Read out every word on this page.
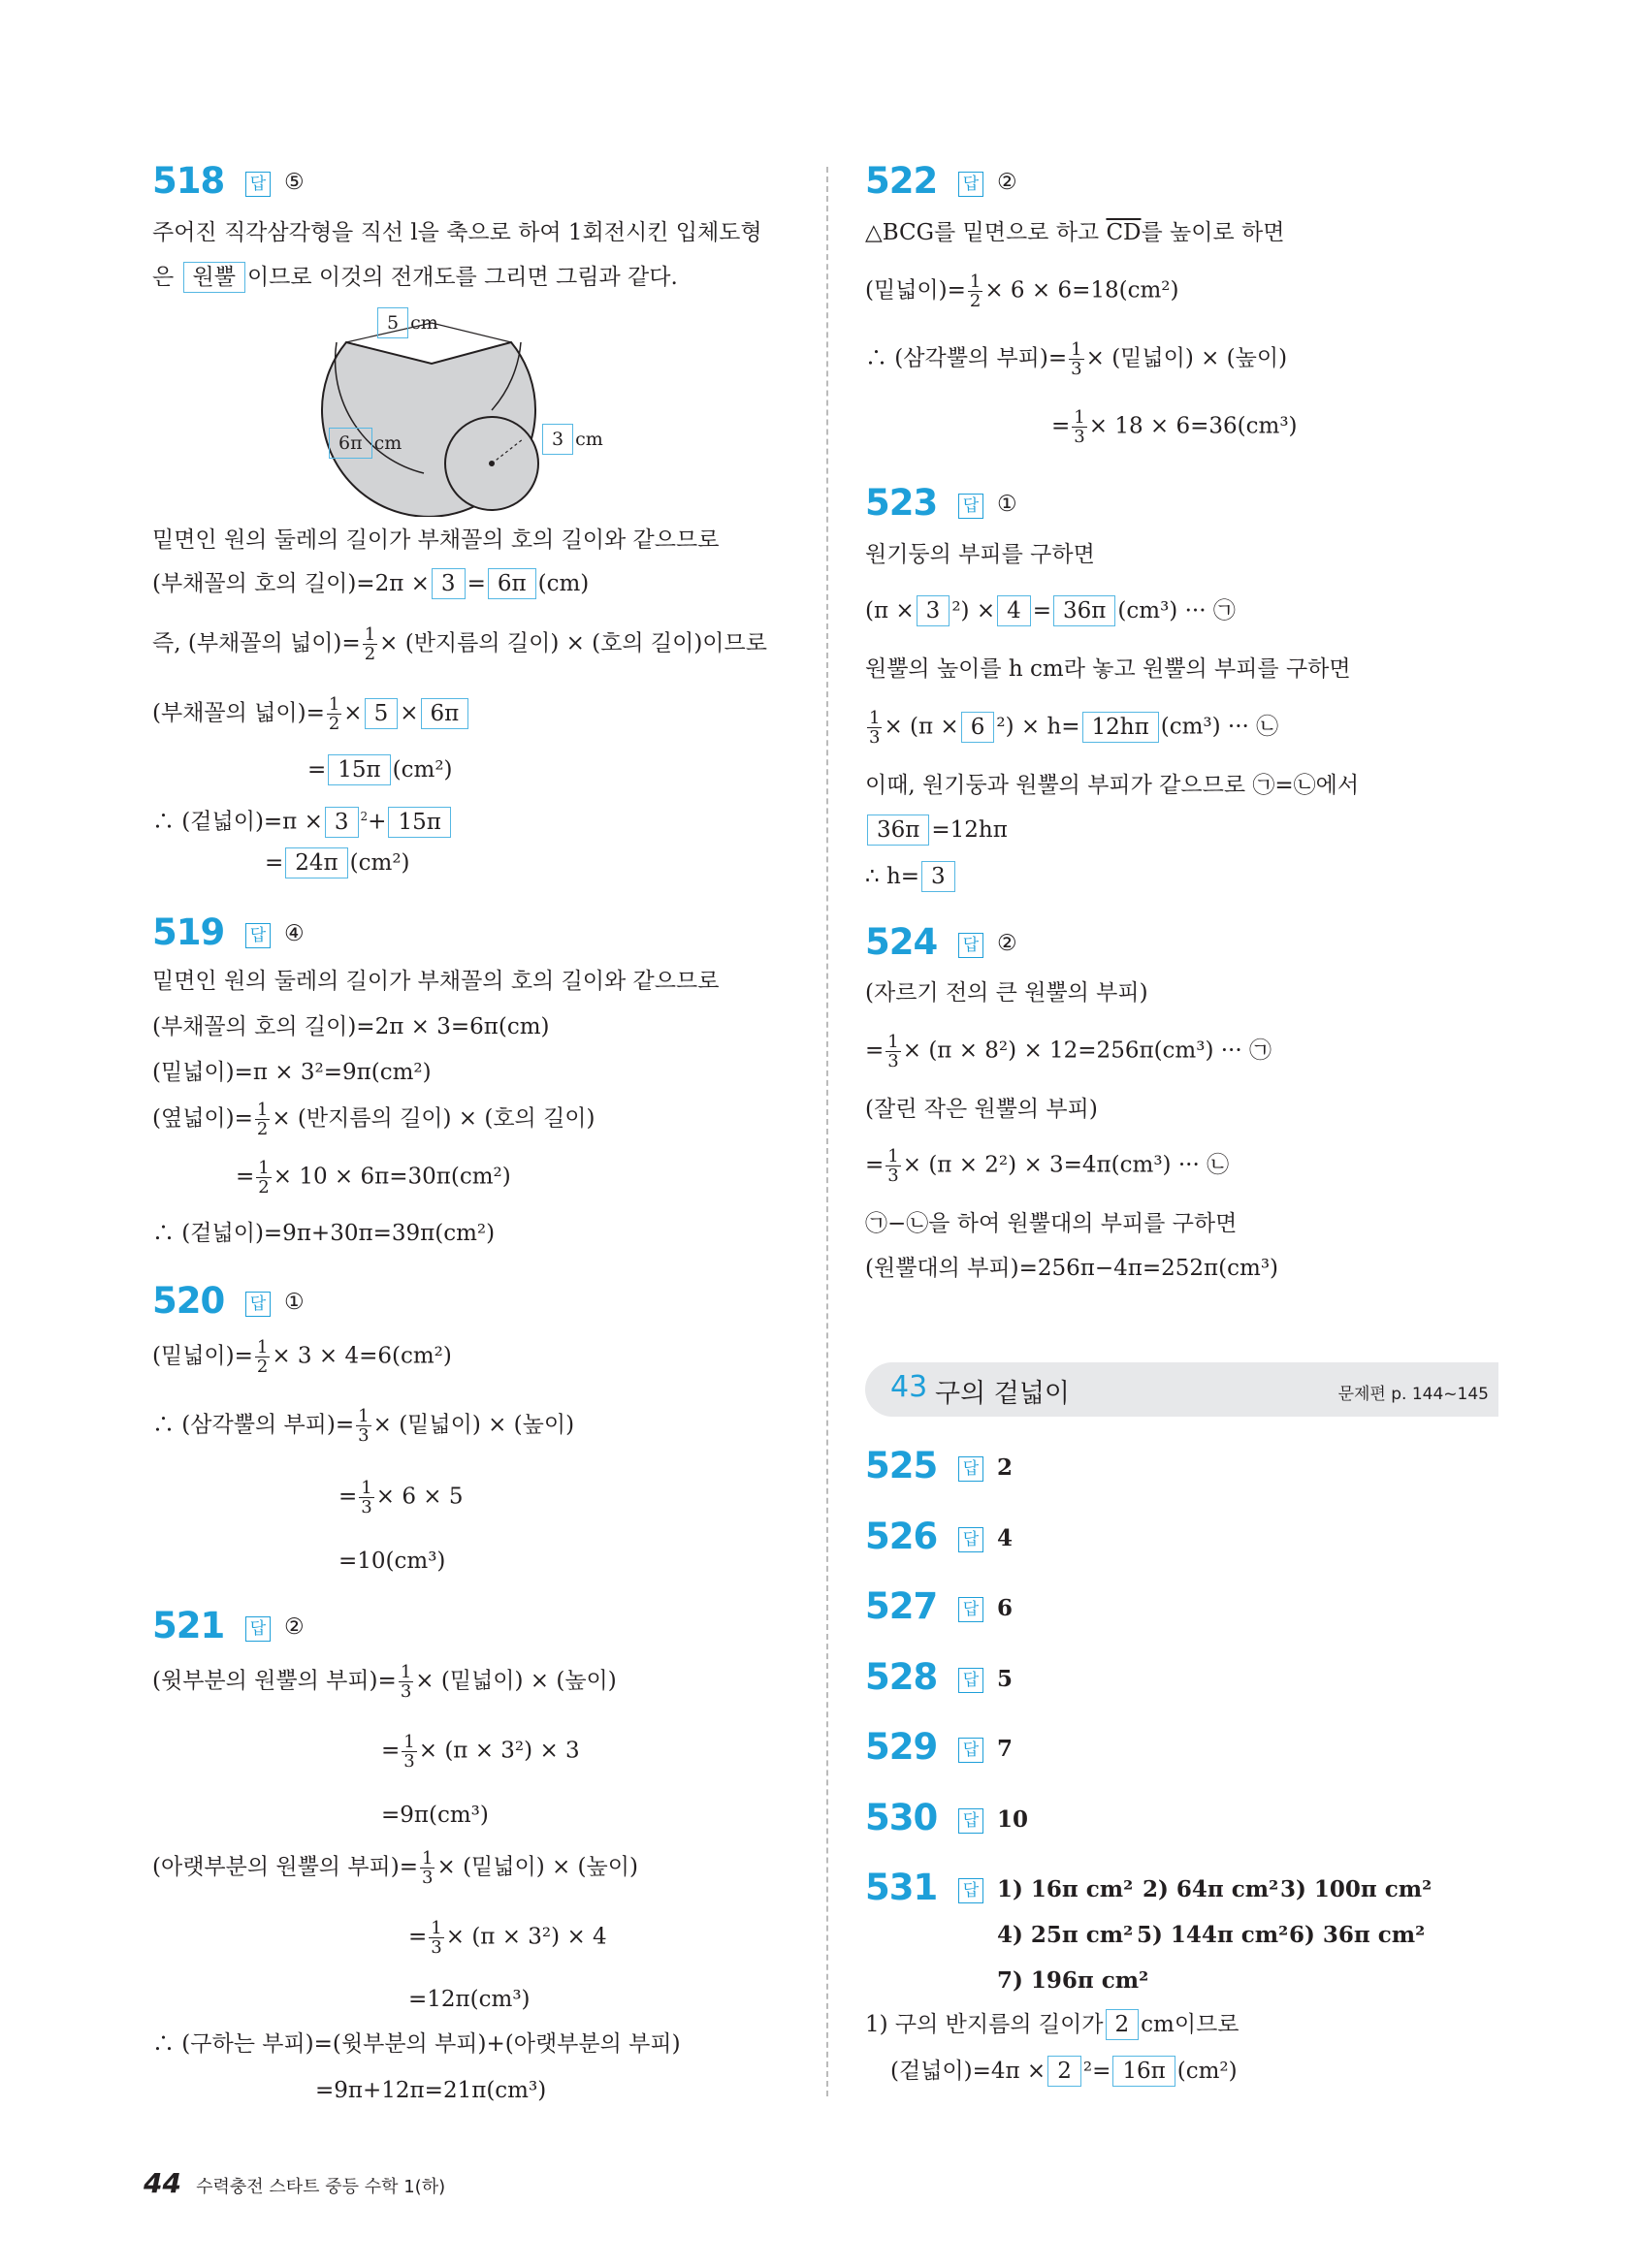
518 답 ⑤
주어진 직각삼각형을 직선 l을 축으로 하여 1회전시킨 입체도형
은 원뿔 이므로 이것의 전개도를 그리면 그림과 같다.
5 cm
6π cm	3 cm
밑면인 원의 둘레의 길이가 부채꼴의 호의 길이와 같으므로
(부채꼴의 호의 길이)=2π × 3 = 6π (cm)
즉, (부채꼴의 넓이)= $\frac{1}{2}$ × (반지름의 길이) × (호의 길이)이므로
(부채꼴의 넓이)= $\frac{1}{2} \times 5 \times 6\pi$
= 15π (cm²)
∴ (겉넓이)=π × 3 $^2$+ 15π
= 24π (cm²)
519 답 ④
밑면인 원의 둘레의 길이가 부채꼴의 호의 길이와 같으므로
(부채꼴의 호의 길이)=2π × 3=6π(cm)
(밑넓이)=π × 3²=9π(cm²)
(옆넓이)= $\frac{1}{2}$ × (반지름의 길이) × (호의 길이)
= $\frac{1}{2} \times 10 \times 6\pi=30\pi(cm^2)$
∴ (겉넓이)=9π+30π=39π(cm²)
520 답 ①
(밑넓이)= $\frac{1}{2} \times 3 \times 4=6(cm^2)$
∴ (삼각뿔의 부피)= $\frac{1}{3}$ × (밑넓이) × (높이)
= $\frac{1}{3} \times 6 \times 5$
=10(cm³)
521 답 ②
(윗부분의 원뿔의 부피)= $\frac{1}{3}$ × (밑넓이) × (높이)
= $\frac{1}{3} \times (\pi \times 3^2) \times 3$
=9π(cm³)
(아랫부분의 원뿔의 부피)= $\frac{1}{3}$ × (밑넓이) × (높이)
= $\frac{1}{3} \times (\pi \times 3^2) \times 4$
=12π(cm³)
∴ (구하는 부피)=(윗부분의 부피)+(아랫부분의 부피)
=9π+12π=21π(cm³)
522 답 ②
△BCG를 밑면으로 하고 $\overline{CD}$를 높이로 하면
(밑넓이)= $\frac{1}{2} \times 6 \times 6=18(cm^2)$
∴ (삼각뿔의 부피)= $\frac{1}{3}$ × (밑넓이) × (높이)
= $\frac{1}{3} \times 18 \times 6=36(cm^3)$
523 답 ①
원기둥의 부피를 구하면
(π × 3 ²) × 4 = 36π (cm³) ··· ㉠
원뿔의 높이를 h cm라 놓고 원뿔의 부피를 구하면
$\frac{1}{3} \times (\pi \times 6$ ²) × h= 12hπ (cm³) ··· ㉡
이때, 원기둥과 원뿔의 부피가 같으므로 ㉠=㉡에서
36π =12hπ
∴ h= 3
524 답 ②
(자르기 전의 큰 원뿔의 부피)
= $\frac{1}{3} \times (\pi \times 8^2) \times 12=256\pi(cm^3)$ ··· ㉠
(잘린 작은 원뿔의 부피)
= $\frac{1}{3} \times (\pi \times 2^2) \times 3=4\pi(cm^3)$ ··· ㉡
㉠−㉡을 하여 원뿔대의 부피를 구하면
(원뿔대의 부피)=256π−4π=252π(cm³)
43 구의 겉넓이	문제편 p. 144~145
525 답 2
526 답 4
527 답 6
528 답 5
529 답 7
530 답 10
531 답 1) 16π cm² 2) 64π cm² 3) 100π cm²
4) 25π cm² 5) 144π cm² 6) 36π cm²
7) 196π cm²
1) 구의 반지름의 길이가 2 cm이므로
(겉넓이)=4π × 2 ²= 16π (cm²)
44 수력충전 스타트 중등 수학 1(하)
